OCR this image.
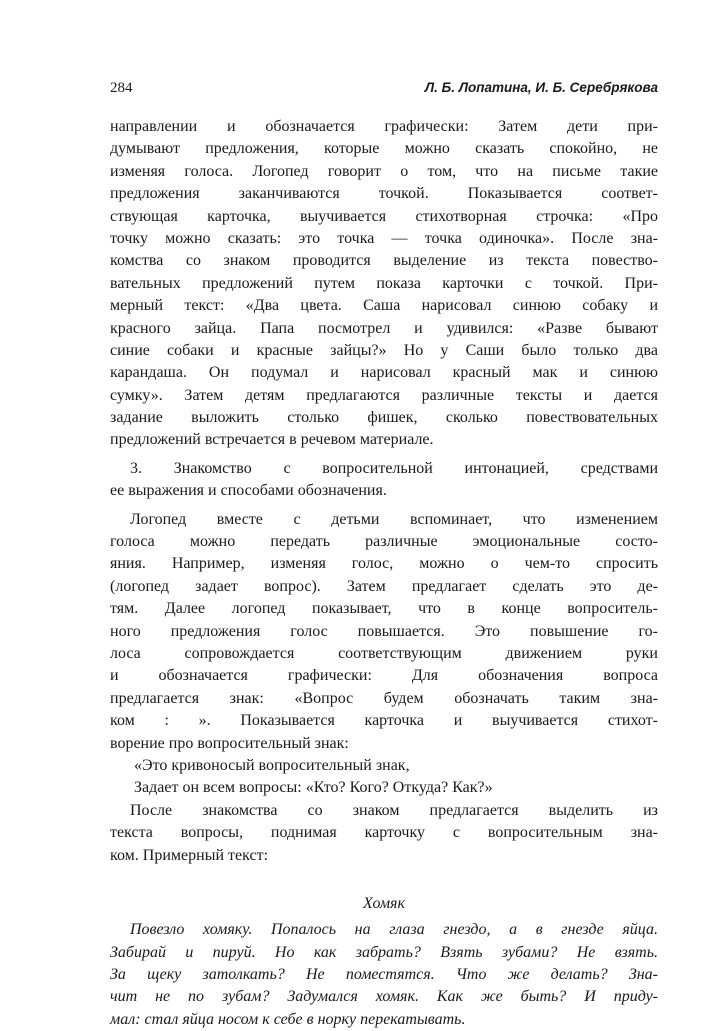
284	Л. Б. Лопатина, И. Б. Серебрякова
направлении и обозначается графически: Затем дети при-
думывают предложения, которые можно сказать спокойно, не
изменяя голоса. Логопед говорит о том, что на письме такие
предложения заканчиваются точкой. Показывается соответ-
ствующая карточка, выучивается стихотворная строчка: «Про
точку можно сказать: это точка — точка одиночка». После зна-
комства со знаком проводится выделение из текста повество-
вательных предложений путем показа карточки с точкой. При-
мерный текст: «Два цвета. Саша нарисовал синюю собаку и
красного зайца. Папа посмотрел и удивился: «Разве бывают
синие собаки и красные зайцы?» Но у Саши было только два
карандаша. Он подумал и нарисовал красный мак и синюю
сумку». Затем детям предлагаются различные тексты и дается
задание выложить столько фишек, сколько повествовательных
предложений встречается в речевом материале.
3. Знакомство с вопросительной интонацией, средствами
ее выражения и способами обозначения.
Логопед вместе с детьми вспоминает, что изменением
голоса можно передать различные эмоциональные состо-
яния. Например, изменяя голос, можно о чем-то спросить
(логопед задает вопрос). Затем предлагает сделать это де-
тям. Далее логопед показывает, что в конце вопроситель-
ного предложения голос повышается. Это повышение го-
лоса сопровождается соответствующим движением руки
и обозначается графически: Для обозначения вопроса
предлагается знак: «Вопрос будем обозначать таким зна-
ком : ». Показывается карточка и выучивается стихот-
ворение про вопросительный знак:
«Это кривоносый вопросительный знак,
Задает он всем вопросы: «Кто? Кого? Откуда? Как?»
После знакомства со знаком предлагается выделить из
текста вопросы, поднимая карточку с вопросительным зна-
ком. Примерный текст:
Хомяк
Повезло хомяку. Попалось на глаза гнездо, а в гнезде яйца.
Забирай и пируй. Но как забрать? Взять зубами? Не взять.
За щеку затолкать? Не поместятся. Что же делать? Зна-
чит не по зубам? Задумался хомяк. Как же быть? И приду-
мал: стал яйца носом к себе в норку перекатывать.
